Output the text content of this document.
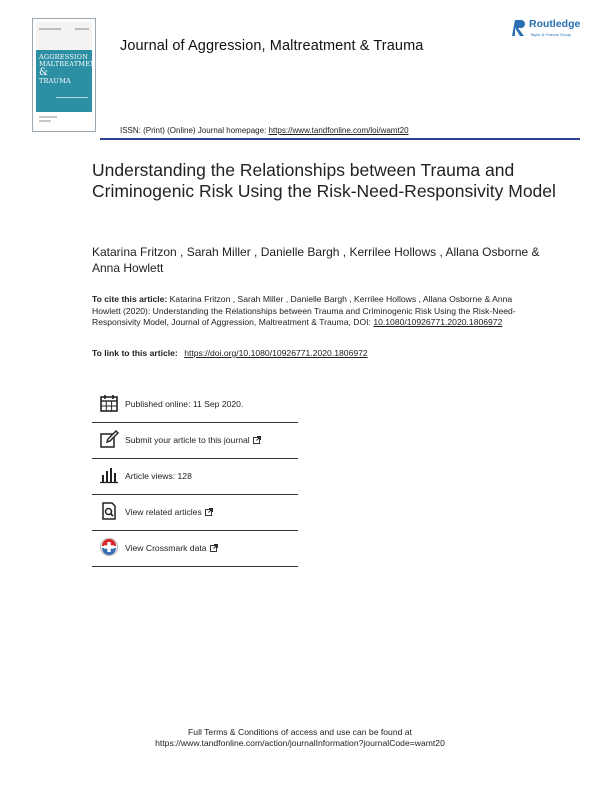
AGGRESSION
MALTREATMENT
&
TRAUMA
Journal of Aggression, Maltreatment & Trauma
Routledge
Taylor & Francis Group
ISSN: (Print) (Online) Journal homepage: https://www.tandfonline.com/loi/wamt20
Understanding the Relationships between Trauma and Criminogenic Risk Using the Risk-Need-Responsivity Model
Katarina Fritzon , Sarah Miller , Danielle Bargh , Kerrilee Hollows , Allana Osborne & Anna Howlett
To cite this article: Katarina Fritzon , Sarah Miller , Danielle Bargh , Kerrilee Hollows , Allana Osborne & Anna Howlett (2020): Understanding the Relationships between Trauma and Criminogenic Risk Using the Risk-Need-Responsivity Model, Journal of Aggression, Maltreatment & Trauma, DOI: 10.1080/10926771.2020.1806972
To link to this article: https://doi.org/10.1080/10926771.2020.1806972
Published online: 11 Sep 2020.
Submit your article to this journal
Article views: 128
View related articles
View Crossmark data
Full Terms & Conditions of access and use can be found at
https://www.tandfonline.com/action/journalInformation?journalCode=wamt20
